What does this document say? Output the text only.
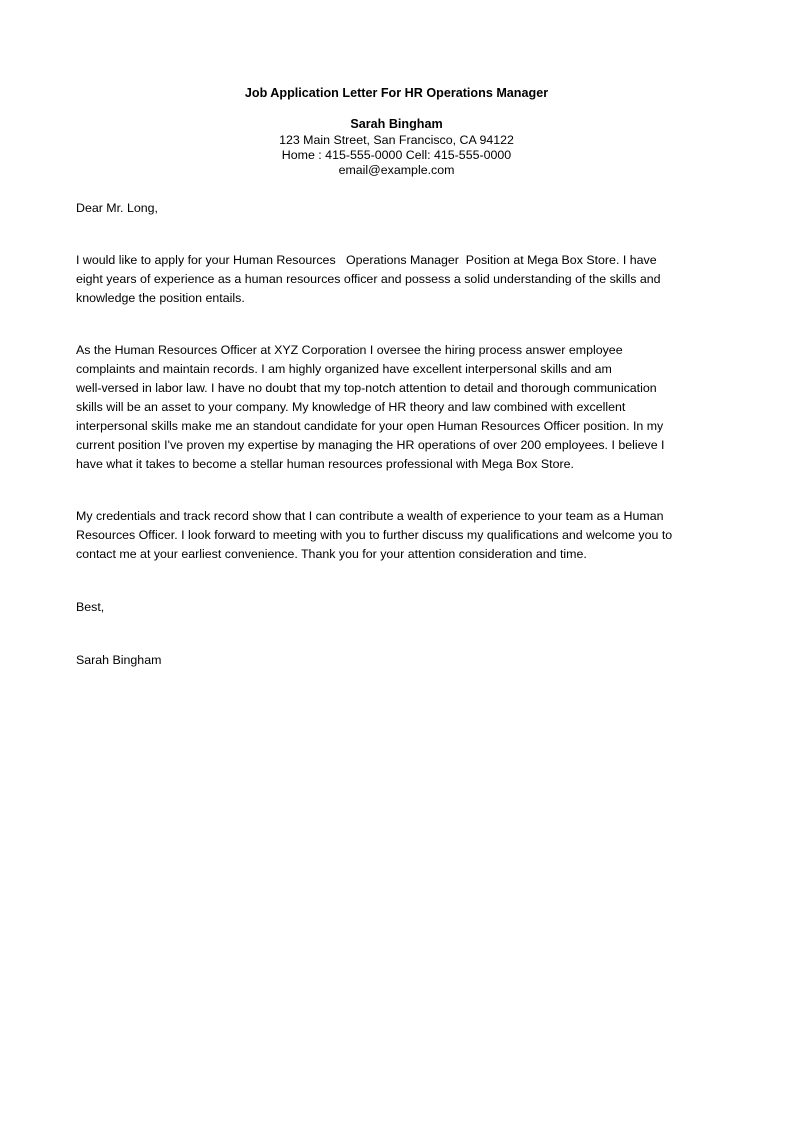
Job Application Letter For HR Operations Manager
Sarah Bingham
123 Main Street, San Francisco, CA 94122
Home : 415-555-0000 Cell: 415-555-0000
email@example.com
Dear Mr. Long,
I would like to apply for your Human Resources   Operations Manager  Position at Mega Box Store. I have
eight years of experience as a human resources officer and possess a solid understanding of the skills and
knowledge the position entails.
As the Human Resources Officer at XYZ Corporation I oversee the hiring process answer employee
complaints and maintain records. I am highly organized have excellent interpersonal skills and am
well-versed in labor law. I have no doubt that my top-notch attention to detail and thorough communication
skills will be an asset to your company. My knowledge of HR theory and law combined with excellent
interpersonal skills make me an standout candidate for your open Human Resources Officer position. In my
current position I've proven my expertise by managing the HR operations of over 200 employees. I believe I
have what it takes to become a stellar human resources professional with Mega Box Store.
My credentials and track record show that I can contribute a wealth of experience to your team as a Human
Resources Officer. I look forward to meeting with you to further discuss my qualifications and welcome you to
contact me at your earliest convenience. Thank you for your attention consideration and time.
Best,
Sarah Bingham
